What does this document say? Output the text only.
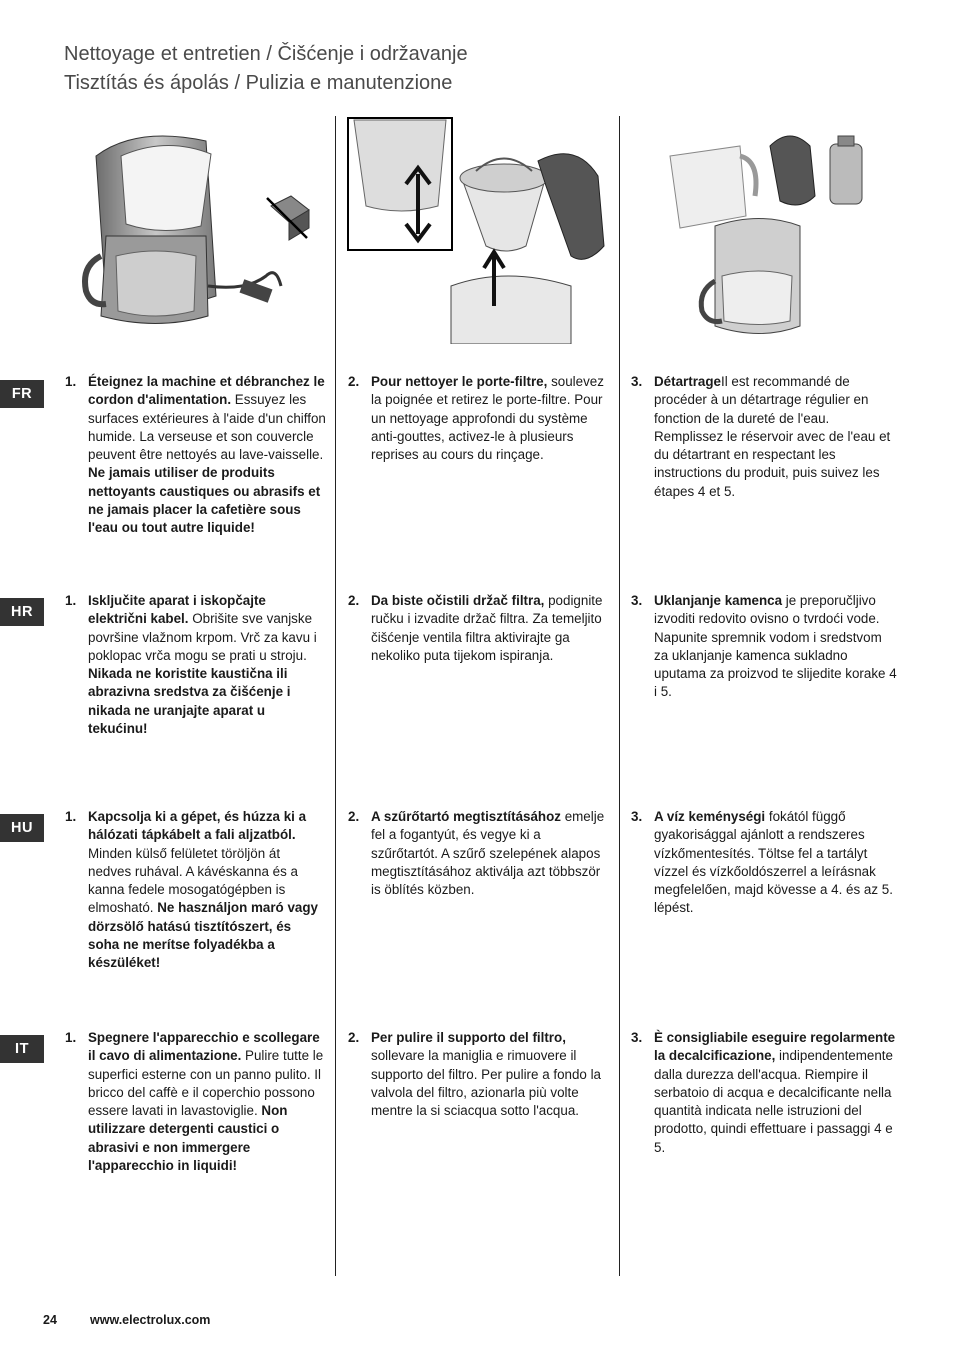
Nettoyage et entretien / Čišćenje i održavanje
Tisztítás és ápolás / Pulizia e manutenzione
FR
HR
HU
IT
1. Éteignez la machine et débranchez le cordon d'alimentation. Essuyez les surfaces extérieures à l'aide d'un chiffon humide. La verseuse et son couvercle peuvent être nettoyés au lave-vaisselle. Ne jamais utiliser de produits nettoyants caustiques ou abrasifs et ne jamais placer la cafetière sous l'eau ou tout autre liquide!
2. Pour nettoyer le porte-filtre, soulevez la poignée et retirez le porte-filtre. Pour un nettoyage approfondi du système anti-gouttes, activez-le à plusieurs reprises au cours du rinçage.
3. DétartrageIl est recommandé de procéder à un détartrage régulier en fonction de la dureté de l'eau. Remplissez le réservoir avec de l'eau et du détartrant en respectant les instructions du produit, puis suivez les étapes 4 et 5.
1. Isključite aparat i iskopčajte električni kabel. Obrišite sve vanjske površine vlažnom krpom. Vrč za kavu i poklopac vrča mogu se prati u stroju. Nikada ne koristite kaustična ili abrazivna sredstva za čišćenje i nikada ne uranjajte aparat u tekućinu!
2. Da biste očistili držač filtra, podignite ručku i izvadite držač filtra. Za temeljito čišćenje ventila filtra aktivirajte ga nekoliko puta tijekom ispiranja.
3. Uklanjanje kamenca je preporučljivo izvoditi redovito ovisno o tvrdoći vode. Napunite spremnik vodom i sredstvom za uklanjanje kamenca sukladno uputama za proizvod te slijedite korake 4 i 5.
1. Kapcsolja ki a gépet, és húzza ki a hálózati tápkábelt a fali aljzatból. Minden külső felületet töröljön át nedves ruhával. A kávéskanna és a kanna fedele mosogatógépben is elmosható. Ne használjon maró vagy dörzsölő hatású tisztítószert, és soha ne merítse folyadékba a készüléket!
2. A szűrőtartó megtisztításához emelje fel a fogantyút, és vegye ki a szűrőtartót. A szűrő szelepének alapos megtisztításához aktiválja azt többször is öblítés közben.
3. A víz keménységi fokától függő gyakorisággal ajánlott a rendszeres vízkőmentesítés. Töltse fel a tartályt vízzel és vízkőoldószerrel a leírásnak megfelelően, majd kövesse a 4. és az 5. lépést.
1. Spegnere l'apparecchio e scollegare il cavo di alimentazione. Pulire tutte le superfici esterne con un panno pulito. Il bricco del caffè e il coperchio possono essere lavati in lavastoviglie. Non utilizzare detergenti caustici o abrasivi e non immergere l'apparecchio in liquidi!
2. Per pulire il supporto del filtro, sollevare la maniglia e rimuovere il supporto del filtro. Per pulire a fondo la valvola del filtro, azionarla più volte mentre la si sciacqua sotto l'acqua.
3. È consigliabile eseguire regolarmente la decalcificazione, indipendentemente dalla durezza dell'acqua. Riempire il serbatoio di acqua e decalcificante nella quantità indicata nelle istruzioni del prodotto, quindi effettuare i passaggi 4 e 5.
24	www.electrolux.com
